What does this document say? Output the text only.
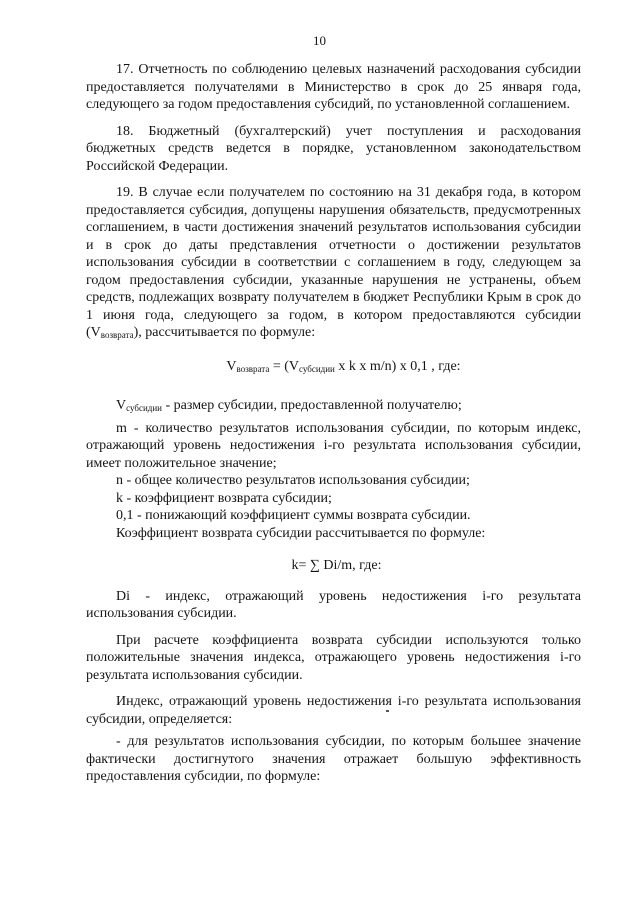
10

17. Отчетность по соблюдению целевых назначений расходования субсидии предоставляется получателями в Министерство в срок до 25 января года, следующего за годом предоставления субсидий, по установленной соглашением.

18. Бюджетный (бухгалтерский) учет поступления и расходования бюджетных средств ведется в порядке, установленном законодательством Российской Федерации.

19. В случае если получателем по состоянию на 31 декабря года, в котором предоставляется субсидия, допущены нарушения обязательств, предусмотренных соглашением, в части достижения значений результатов использования субсидии и в срок до даты представления отчетности о достижении результатов использования субсидии в соответствии с соглашением в году, следующем за годом предоставления субсидии, указанные нарушения не устранены, объем средств, подлежащих возврату получателем в бюджет Республики Крым в срок до 1 июня года, следующего за годом, в котором предоставляются субсидии $(V_{возврата})$, рассчитывается по формуле:

$V_{возврата} = (V_{субсидии}$ x k x m/n) x 0,1 , где:

$V_{субсидии}$ - размер субсидии, предоставленной получателю;

m - количество результатов использования субсидии, по которым индекс, отражающий уровень недостижения i-го результата использования субсидии, имеет положительное значение;

n - общее количество результатов использования субсидии;

k - коэффициент возврата субсидии;

0,1 - понижающий коэффициент суммы возврата субсидии.

Коэффициент возврата субсидии рассчитывается по формуле:

k= ∑ Di/m, где:

Di - индекс, отражающий уровень недостижения i-го результата использования субсидии.

При расчете коэффициента возврата субсидии используются только положительные значения индекса, отражающего уровень недостижения i-го результата использования субсидии.

Индекс, отражающий уровень недостижения i-го результата использования субсидии, определяется:

- для результатов использования субсидии, по которым большее значение фактически достигнутого значения отражает большую эффективность предоставления субсидии, по формуле:
